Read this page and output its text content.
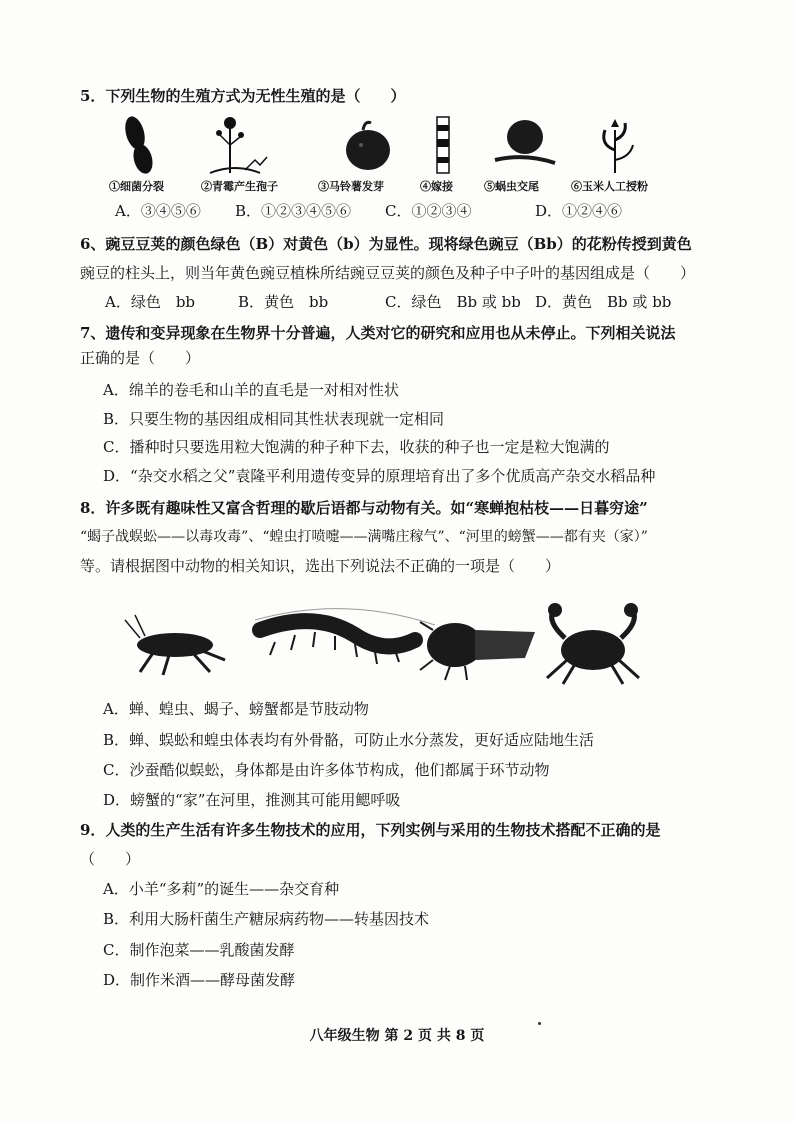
5．下列生物的生殖方式为无性生殖的是（　　）
①细菌分裂	②青霉产生孢子	③马铃薯发芽	④嫁接	⑤蜗虫交尾	⑥玉米人工授粉
A．③④⑤⑥ B．①②③④⑤⑥ C．①②③④	D．①②④⑥
6、豌豆豆荚的颜色绿色（B）对黄色（b）为显性。现将绿色豌豆（Bb）的花粉传授到黄色
豌豆的柱头上，则当年黄色豌豆植株所结豌豆豆荚的颜色及种子中子叶的基因组成是（　　）
A．绿色　bb	B．黄色　bb	C．绿色　Bb 或 bb D．黄色　Bb 或 bb
7、遗传和变异现象在生物界十分普遍，人类对它的研究和应用也从未停止。下列相关说法
正确的是（　　）
A．绵羊的卷毛和山羊的直毛是一对相对性状
B．只要生物的基因组成相同其性状表现就一定相同
C．播种时只要选用粒大饱满的种子种下去，收获的种子也一定是粒大饱满的
D．“杂交水稻之父”袁隆平利用遗传变异的原理培育出了多个优质高产杂交水稻品种
8．许多既有趣味性又富含哲理的歇后语都与动物有关。如“寒蝉抱枯枝——日暮穷途”
“蝎子战蜈蚣——以毒攻毒”、“蝗虫打喷嚏——满嘴庄稼气”、“河里的螃蟹——都有夹（家）”
等。请根据图中动物的相关知识，选出下列说法不正确的一项是（　　）
A．蝉、蝗虫、蝎子、螃蟹都是节肢动物
B．蝉、蜈蚣和蝗虫体表均有外骨骼，可防止水分蒸发，更好适应陆地生活
C．沙蚕酷似蜈蚣，身体都是由许多体节构成，他们都属于环节动物
D．螃蟹的“家”在河里，推测其可能用鳃呼吸
9．人类的生产生活有许多生物技术的应用，下列实例与采用的生物技术搭配不正确的是
（　　）
A．小羊“多莉”的诞生——杂交育种
B．利用大肠杆菌生产糖尿病药物——转基因技术
C．制作泡菜——乳酸菌发酵
D．制作米酒——酵母菌发酵
八年级生物 第 2 页 共 8 页
